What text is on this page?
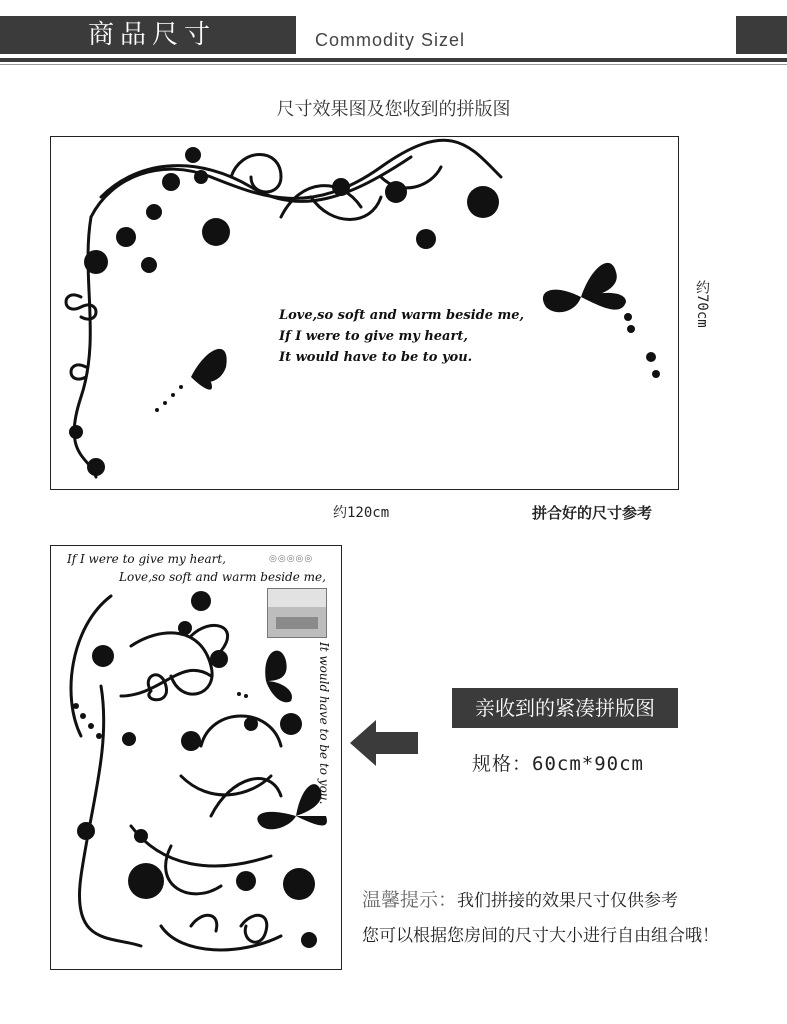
商品尺寸	Commodity Sizel
尺寸效果图及您收到的拼版图
Love,so soft and warm beside me,
If I were to give my heart,
It would have to be to you.
约70cm
约120cm	拼合好的尺寸参考
◎◎◎◎◎
If I were to give my heart,
Love,so soft and warm beside me,
It would have to be to you.	亲收到的紧凑拼版图
规格：60cm*90cm
温馨提示：我们拼接的效果尺寸仅供参考
您可以根据您房间的尺寸大小进行自由组合哦！
